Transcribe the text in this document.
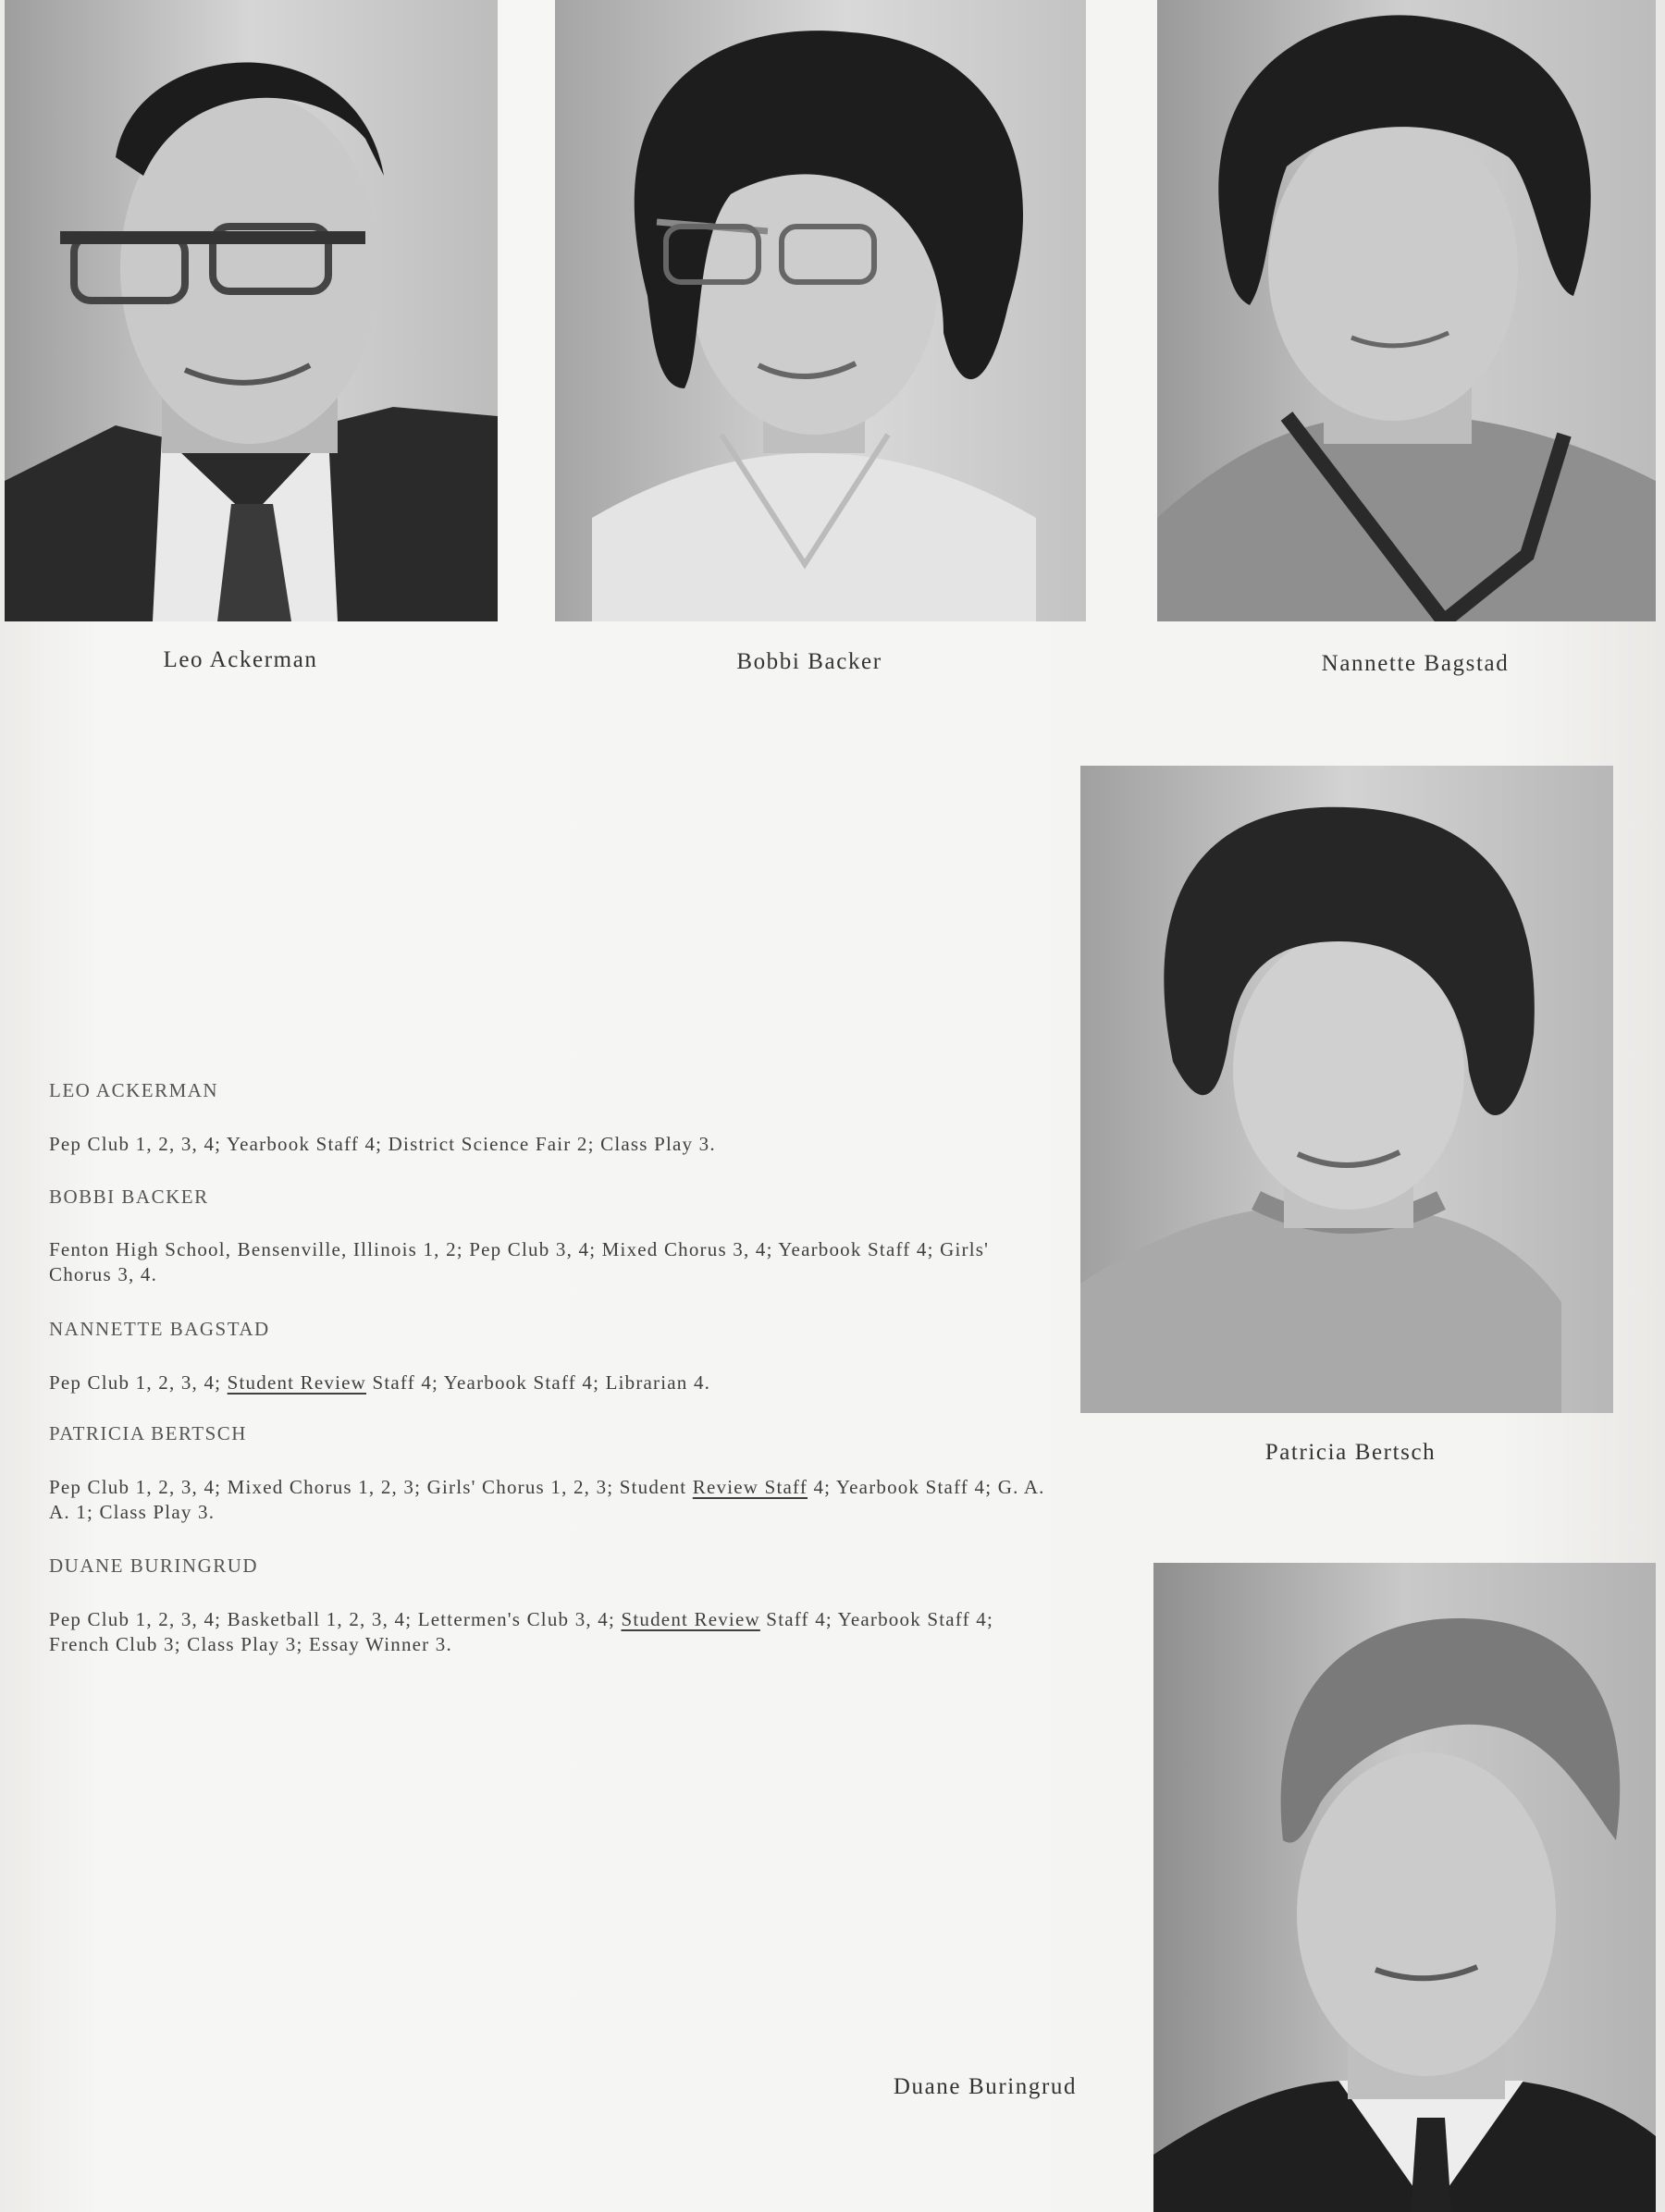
Leo Ackerman	Bobbi Backer	Nannette Bagstad
Patricia Bertsch

LEO ACKERMAN

Pep Club 1, 2, 3, 4; Yearbook Staff 4; District Science Fair 2; Class Play 3.

BOBBI BACKER

Fenton High School, Bensenville, Illinois 1, 2; Pep Club 3, 4; Mixed Chorus 3, 4; Yearbook Staff 4; Girls' Chorus 3, 4.

NANNETTE BAGSTAD

Pep Club 1, 2, 3, 4; Student Review Staff 4; Yearbook Staff 4; Librarian 4.

PATRICIA BERTSCH

Pep Club 1, 2, 3, 4; Mixed Chorus 1, 2, 3; Girls' Chorus 1, 2, 3; Student Review Staff 4; Yearbook Staff 4; G. A. A. 1; Class Play 3.

DUANE BURINGRUD

Pep Club 1, 2, 3, 4; Basketball 1, 2, 3, 4; Lettermen's Club 3, 4; Student Review Staff 4; Yearbook Staff 4; French Club 3; Class Play 3; Essay Winner 3.

Duane Buringrud
